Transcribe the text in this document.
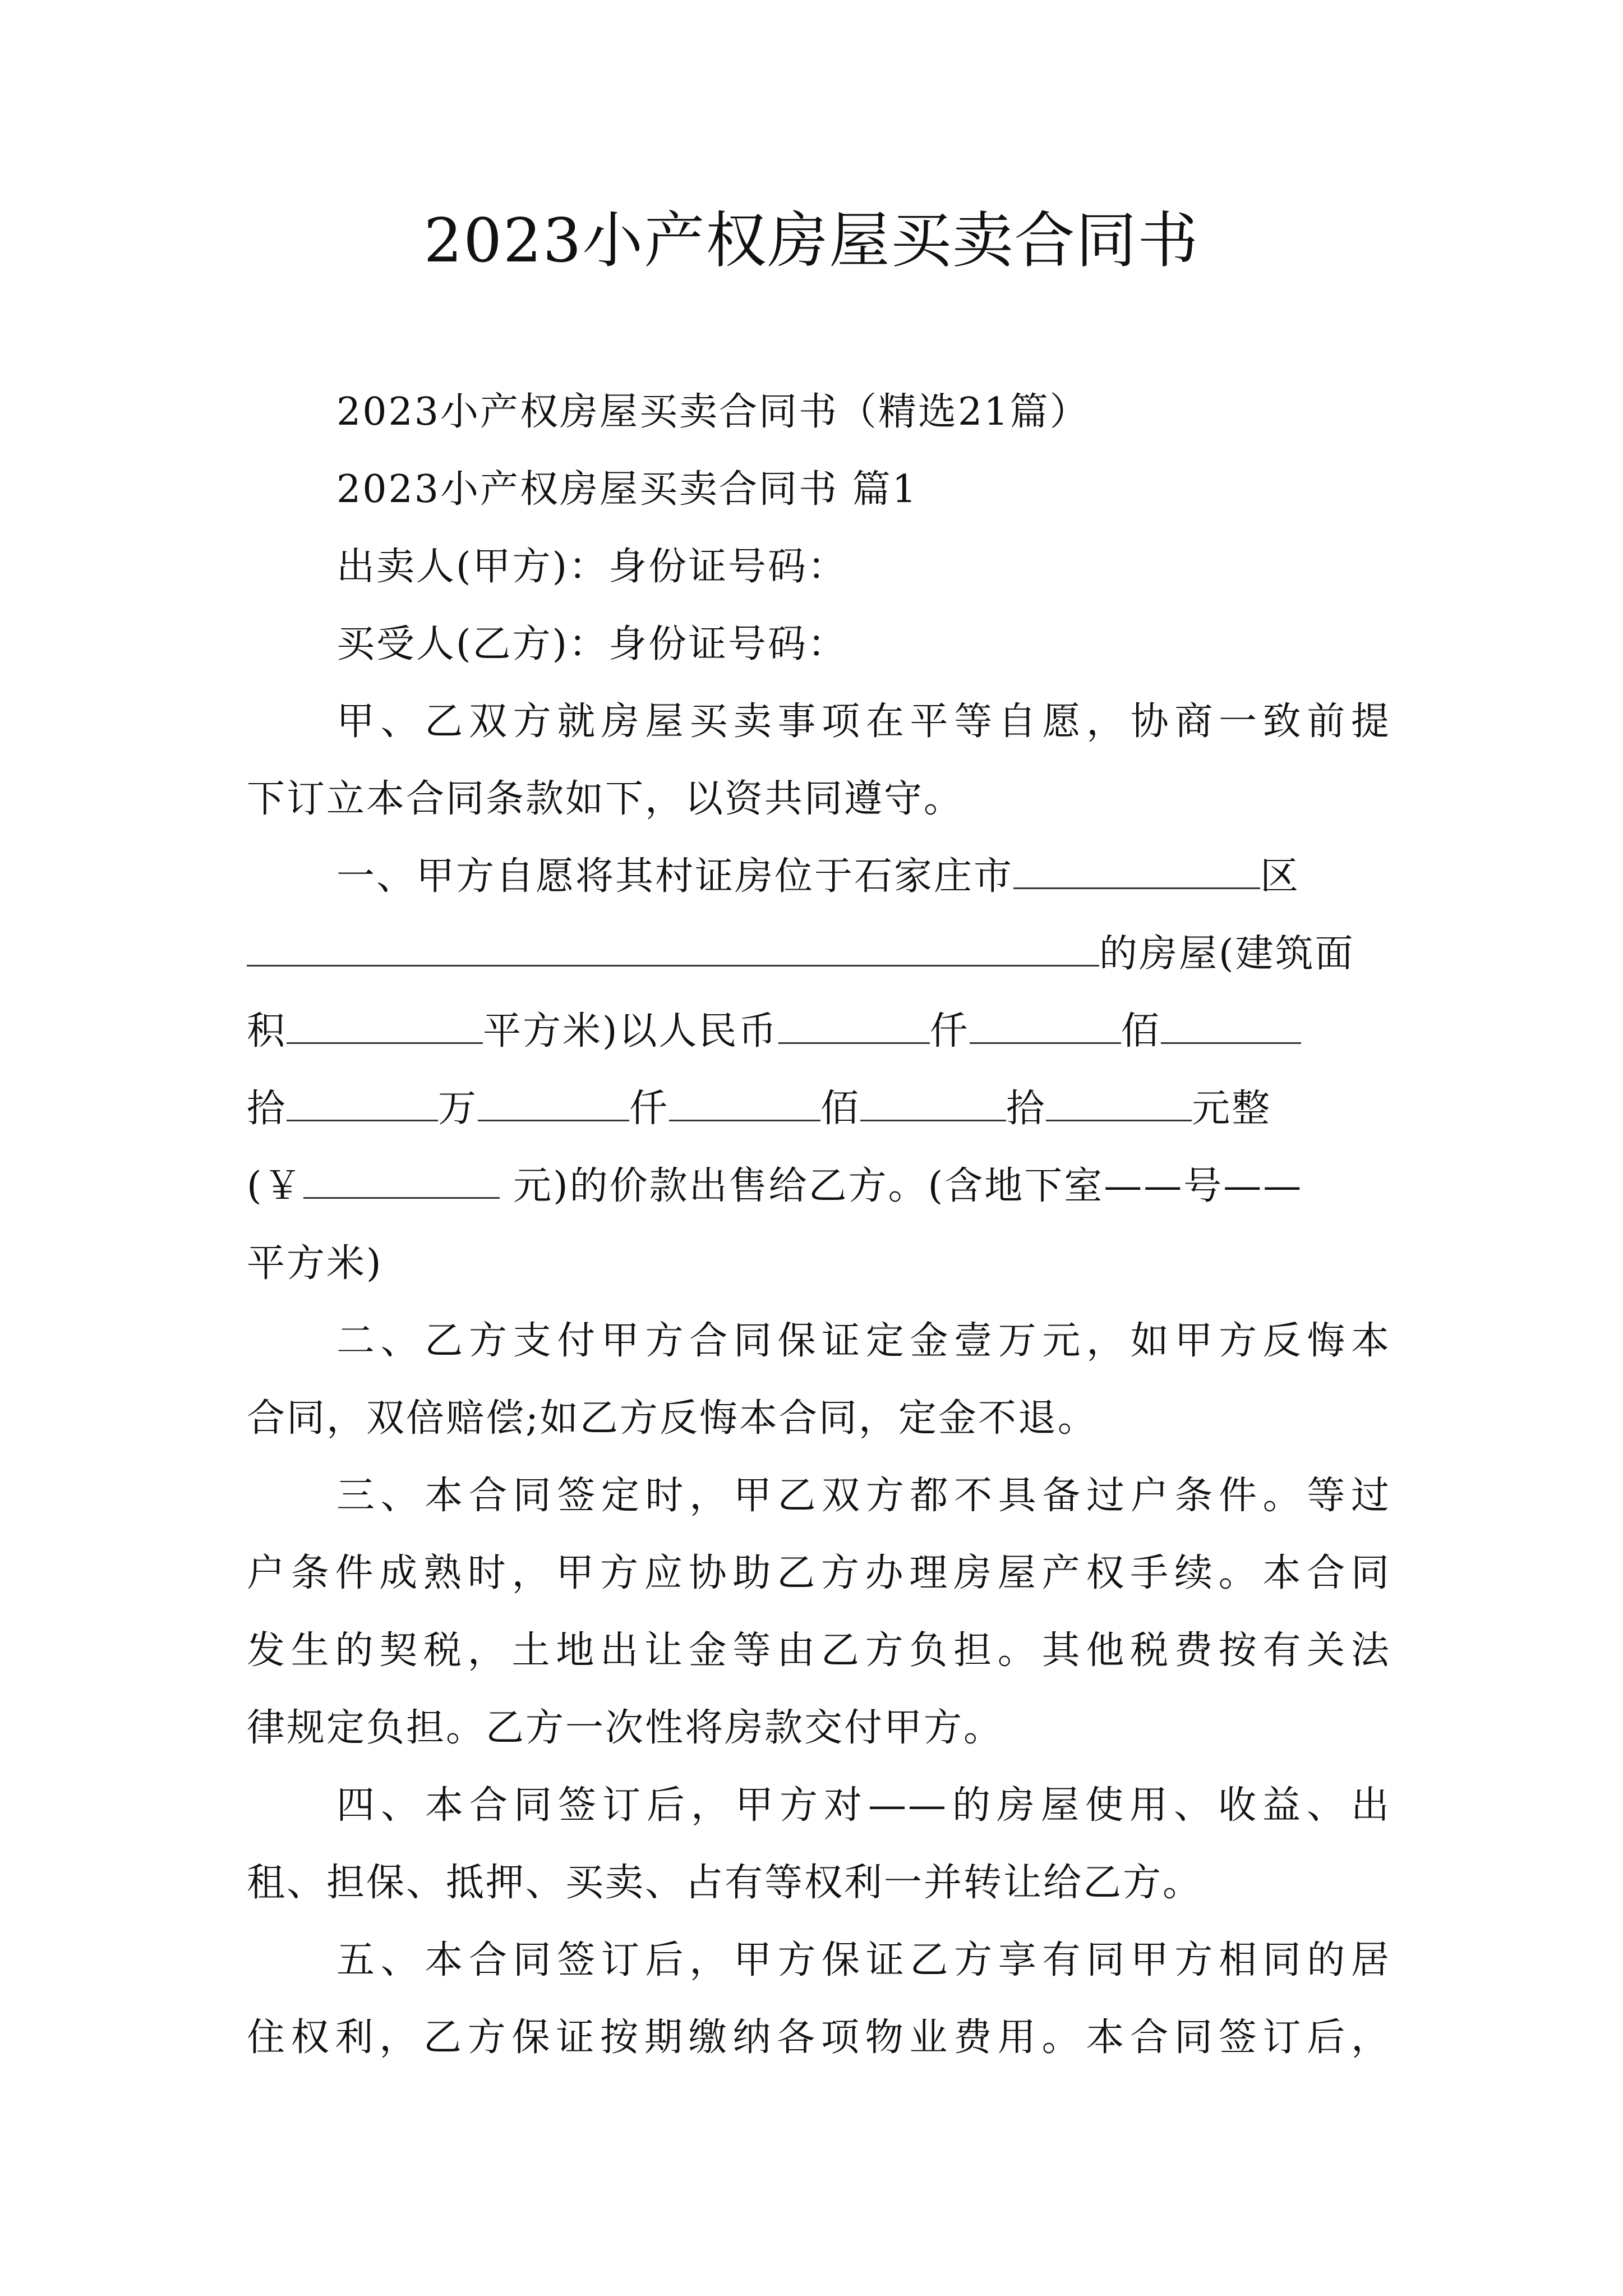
2023小产权房屋买卖合同书
2023小产权房屋买卖合同书（精选21篇）
2023小产权房屋买卖合同书 篇1
出卖人(甲方)：身份证号码：
买受人(乙方)：身份证号码：
甲、乙双方就房屋买卖事项在平等自愿，协商一致前提
下订立本合同条款如下，以资共同遵守。
一、甲方自愿将其村证房位于石家庄市	区
的房屋(建筑面
积	平方米)以人民币	仟	佰
拾	万	仟	佰	拾	元整
(￥	元)的价款出售给乙方。(含地下室——号——
平方米)
二、乙方支付甲方合同保证定金壹万元，如甲方反悔本
合同，双倍赔偿;如乙方反悔本合同，定金不退。
三、本合同签定时，甲乙双方都不具备过户条件。等过
户条件成熟时，甲方应协助乙方办理房屋产权手续。本合同
发生的契税，土地出让金等由乙方负担。其他税费按有关法
律规定负担。乙方一次性将房款交付甲方。
四、本合同签订后，甲方对——的房屋使用、收益、出
租、担保、抵押、买卖、占有等权利一并转让给乙方。
五、本合同签订后，甲方保证乙方享有同甲方相同的居
住权利，乙方保证按期缴纳各项物业费用。本合同签订后，
